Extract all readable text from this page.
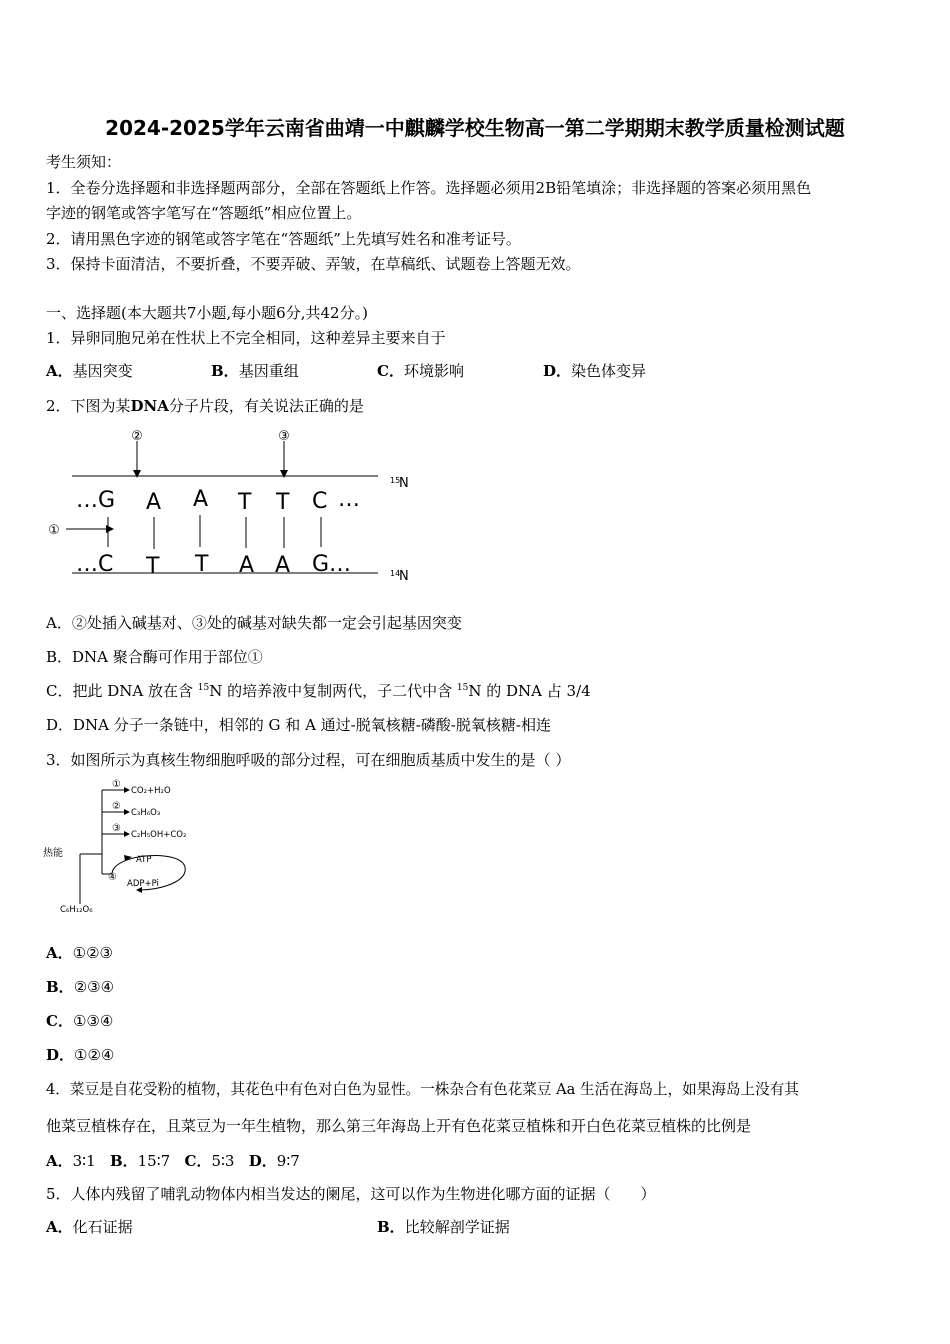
2024-2025学年云南省曲靖一中麒麟学校生物高一第二学期期末教学质量检测试题
考生须知：
1．全卷分选择题和非选择题两部分，全部在答题纸上作答。选择题必须用2B铅笔填涂；非选择题的答案必须用黑色
字迹的钢笔或答字笔写在“答题纸”相应位置上。
2．请用黑色字迹的钢笔或答字笔在“答题纸”上先填写姓名和准考证号。
3．保持卡面清洁，不要折叠，不要弄破、弄皱，在草稿纸、试题卷上答题无效。
一、选择题(本大题共7小题,每小题6分,共42分。)
1．异卵同胞兄弟在性状上不完全相同，这种差异主要来自于
A．基因突变	B．基因重组	C．环境影响	D．染色体变异
2．下图为某DNA分子片段，有关说法正确的是
②	③
①
…G A A T T C …
…C T T A A G…
15
N
14
N
A．②处插入碱基对、③处的碱基对缺失都一定会引起基因突变
B．DNA 聚合酶可作用于部位①
C．把此 DNA 放在含 $^{15}$N 的培养液中复制两代，子二代中含 $^{15}$N 的 DNA 占 3/4
D．DNA 分子一条链中，相邻的 G 和 A 通过-脱氧核糖-磷酸-脱氧核糖-相连
3．如图所示为真核生物细胞呼吸的部分过程，可在细胞质基质中发生的是（ ）
①
②
③
④
CO₂+H₂O
C₃H₆O₃
C₂H₅OH+CO₂
ATP
ADP+Pi
C₆H₁₂O₆
热能
A．①②③
B．②③④
C．①③④
D．①②④
4．菜豆是自花受粉的植物，其花色中有色对白色为显性。一株杂合有色花菜豆 Aa 生活在海岛上，如果海岛上没有其
他菜豆植株存在，且菜豆为一年生植物，那么第三年海岛上开有色花菜豆植株和开白色花菜豆植株的比例是
A．3∶1 B．15∶7 C．5∶3 D．9∶7
5．人体内残留了哺乳动物体内相当发达的阑尾，这可以作为生物进化哪方面的证据（　　）
A．化石证据	B．比较解剖学证据
